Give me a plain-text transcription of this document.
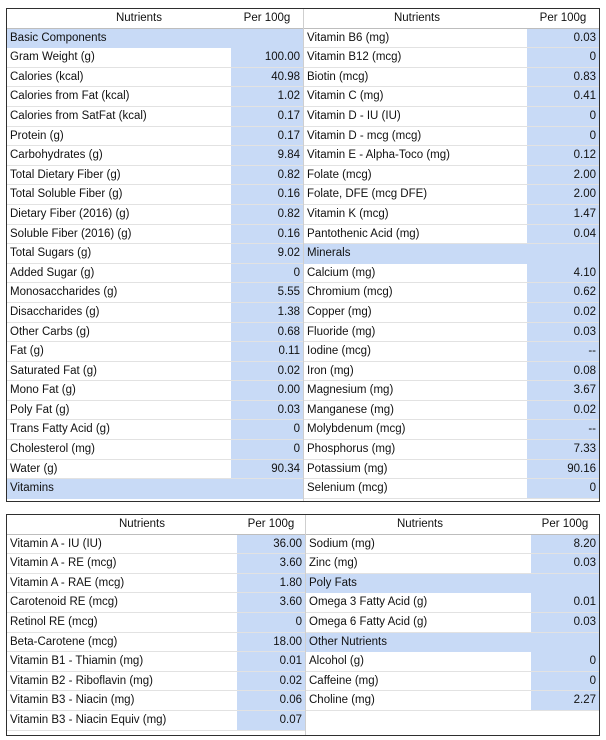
Nutrients	Per 100g
Basic Components
Gram Weight (g)	100.00
Calories (kcal)	40.98
Calories from Fat (kcal)	1.02
Calories from SatFat (kcal)	0.17
Protein (g)	0.17
Carbohydrates (g)	9.84
Total Dietary Fiber (g)	0.82
Total Soluble Fiber (g)	0.16
Dietary Fiber (2016) (g)	0.82
Soluble Fiber (2016) (g)	0.16
Total Sugars (g)	9.02
Added Sugar (g)	0
Monosaccharides (g)	5.55
Disaccharides (g)	1.38
Other Carbs (g)	0.68
Fat (g)	0.11
Saturated Fat (g)	0.02
Mono Fat (g)	0.00
Poly Fat (g)	0.03
Trans Fatty Acid (g)	0
Cholesterol (mg)	0
Water (g)	90.34
Vitamins
Nutrients	Per 100g
Vitamin B6 (mg)	0.03
Vitamin B12 (mcg)	0
Biotin (mcg)	0.83
Vitamin C (mg)	0.41
Vitamin D - IU (IU)	0
Vitamin D - mcg (mcg)	0
Vitamin E - Alpha-Toco (mg)	0.12
Folate (mcg)	2.00
Folate, DFE (mcg DFE)	2.00
Vitamin K (mcg)	1.47
Pantothenic Acid (mg)	0.04
Minerals
Calcium (mg)	4.10
Chromium (mcg)	0.62
Copper (mg)	0.02
Fluoride (mg)	0.03
Iodine (mcg)	--
Iron (mg)	0.08
Magnesium (mg)	3.67
Manganese (mg)	0.02
Molybdenum (mcg)	--
Phosphorus (mg)	7.33
Potassium (mg)	90.16
Selenium (mcg)	0
Nutrients	Per 100g
Vitamin A - IU (IU)	36.00
Vitamin A - RE (mcg)	3.60
Vitamin A - RAE (mcg)	1.80
Carotenoid RE (mcg)	3.60
Retinol RE (mcg)	0
Beta-Carotene (mcg)	18.00
Vitamin B1 - Thiamin (mg)	0.01
Vitamin B2 - Riboflavin (mg)	0.02
Vitamin B3 - Niacin (mg)	0.06
Vitamin B3 - Niacin Equiv (mg)	0.07
Nutrients	Per 100g
Sodium (mg)	8.20
Zinc (mg)	0.03
Poly Fats
Omega 3 Fatty Acid (g)	0.01
Omega 6 Fatty Acid (g)	0.03
Other Nutrients
Alcohol (g)	0
Caffeine (mg)	0
Choline (mg)	2.27
